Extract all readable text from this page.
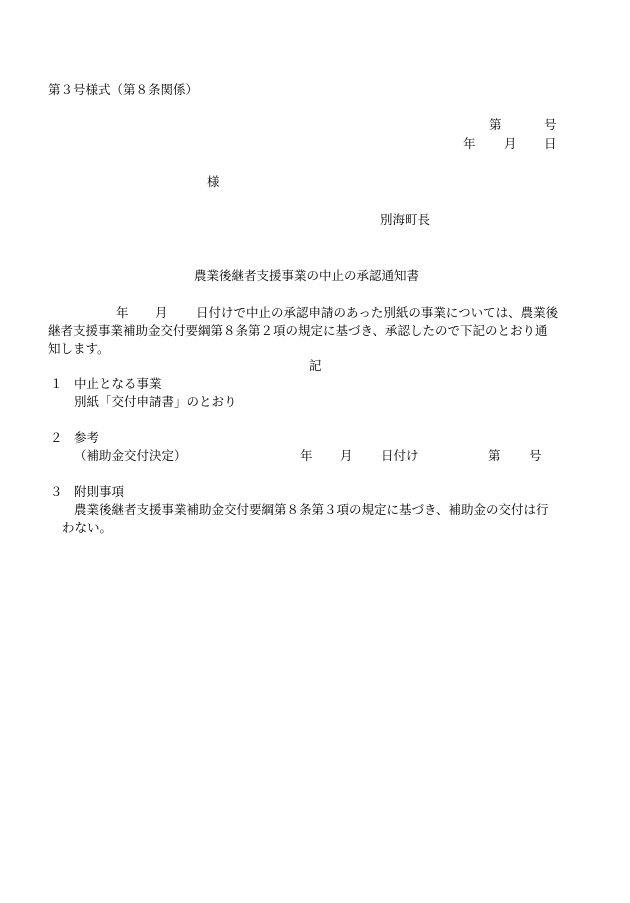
第３号様式（第８条関係）
第	号
年 月 日
様
別海町長
農業後継者支援事業の中止の承認通知書
年 月 日付けで中止の承認申請のあった別紙の事業については、農業後
継者支援事業補助金交付要綱第８条第２項の規定に基づき、承認したので下記のとおり通
知します。
記
１ 中止となる事業
別紙「交付申請書」のとおり
２ 参考
（補助金交付決定）	年 月 日付け	第 号
３ 附則事項
農業後継者支援事業補助金交付要綱第８条第３項の規定に基づき、補助金の交付は行
わない。
